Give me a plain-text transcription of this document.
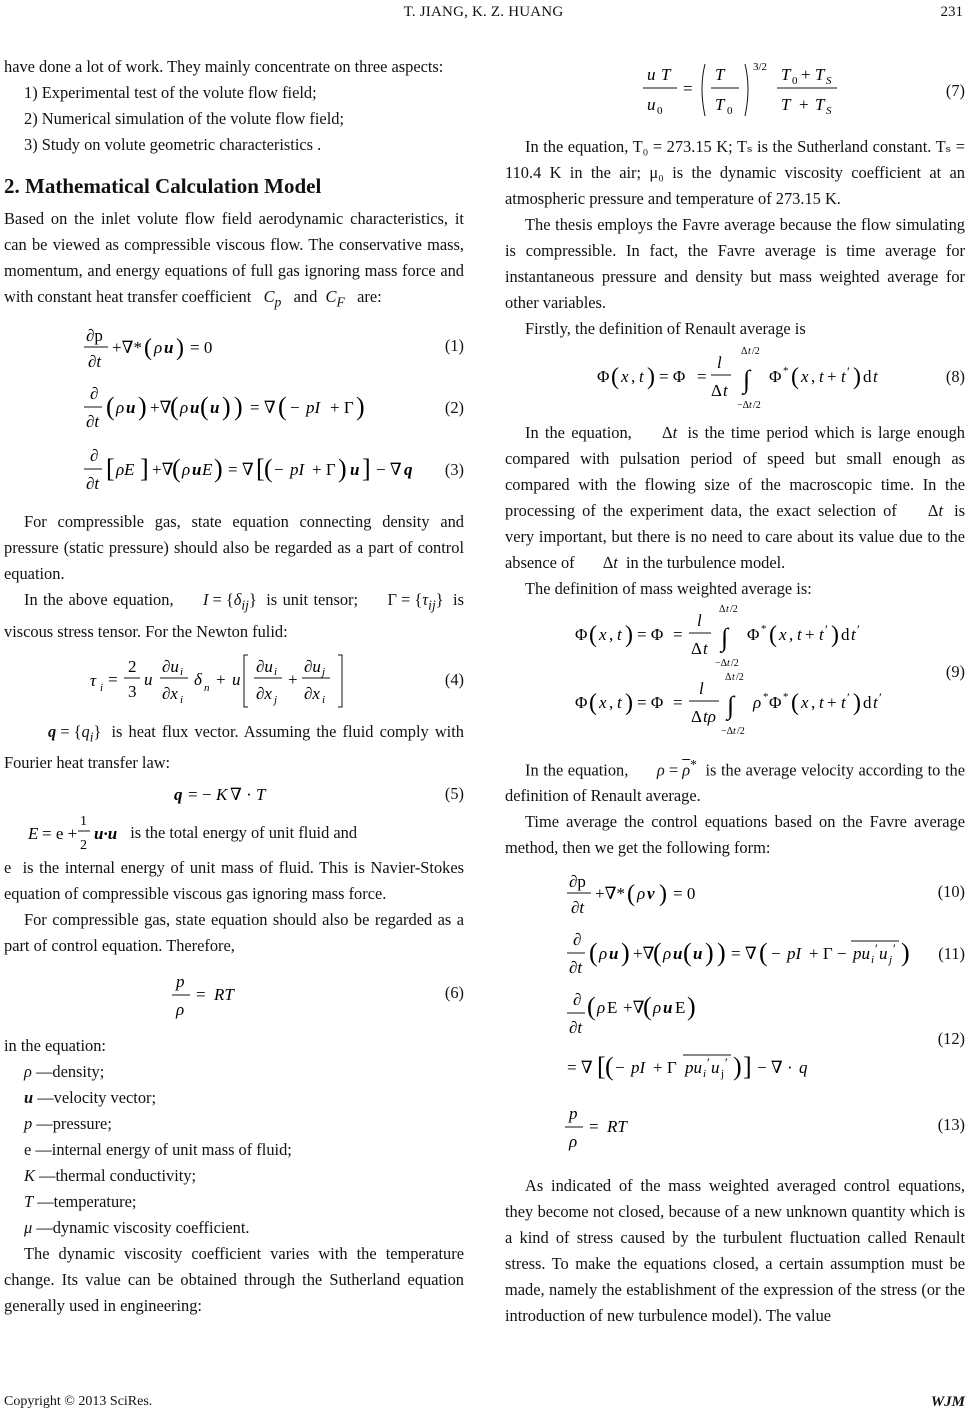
T. JIANG, K. Z. HUANG	231

have done a lot of work. They mainly concentrate on three aspects:

1) Experimental test of the volute flow field;

2) Numerical simulation of the volute flow field;

3) Study on volute geometric characteristics .

2. Mathematical Calculation Model

Based on the inlet volute flow field aerodynamic characteristics, it can be viewed as compressible viscous flow. The conservative mass, momentum, and energy equations of full gas ignoring mass force and with constant heat transfer coefficient $C_p$ and $C_F$ are:

∂p
∂t
+∇* ( ρ u ) = 0	(1)
∂
∂t
( ρ u ) +∇
( ρ u ( u ) ) = ∇ ( − pI + Γ )	(2)
∂
∂t
[ ρE ] +∇
( ρ u E ) = ∇ [ ( − pI + Γ ) u ] − ∇ q (3)

For compressible gas, state equation connecting density and pressure (static pressure) should also be regarded as a part of control equation.

In the above equation, $I = \{\delta_{ij}\}$ is unit tensor; $\Gamma = \{\tau_{ij}\}$ is viscous stress tensor. For the Newton fulid:

τ i =
2
3
u
∂u i
∂x i
δ n + u
∂u i
∂x j
+
∂u j
∂x i
(4)

$q = \{q_i\}$ is heat flux vector. Assuming the fluid comply with Fourier heat transfer law:

q = − K ∇ · T	(5)

E = e +
1
2
u·u is the total energy of unit fluid and

e  is the internal energy of unit mass of fluid. This is Navier-Stokes equation of compressible viscous gas ignoring mass force.

For compressible gas, state equation should also be regarded as a part of control equation. Therefore,

p
ρ
= RT	(6)

in the equation:

ρ —density;

u —velocity vector;

p —pressure;

e —internal energy of unit mass of fluid;

K —thermal conductivity;

T —temperature;

μ —dynamic viscosity coefficient.

The dynamic viscosity coefficient varies with the temperature change. Its value can be obtained through the Sutherland equation generally used in engineering:

u T
u 0
=
T
T 0
3/2 T 0 + T S
T + T S
(7)

In the equation, T₀ = 273.15 K; Tₛ is the Sutherland constant. Tₛ = 110.4 K in the air; μ₀ is the dynamic viscosity coefficient at an atmospheric pressure and temperature of 273.15 K.

The thesis employs the Favre average because the flow simulating is compressible. In fact, the Favre average is time average for instantaneous pressure and density but mass weighted average for other variables.

Firstly, the definition of Renault average is

Φ ( x , t ) = Φ =
l
Δ t
Δ t /2
∫
−Δ t /2
Φ * ( x , t + t ′ ) d t	(8)

In the equation, Δt is the time period which is large enough compared with pulsation period of speed but small enough as compared with the flowing size of the macroscopic time. In the processing of the experiment data, the exact selection of Δt is very important, but there is no need to care about its value due to the absence of Δt in the turbulence model.

The definition of mass weighted average is:

Φ ( x , t ) = Φ =
l
Δ t
Δ t /2
∫
−Δ t /2
Φ * ( x , t + t ′ ) d t ′
Φ ( x , t ) = Φ =
l
Δ tρ
Δ t /2
∫
−Δ t /2
ρ * Φ * ( x , t + t ′ ) d t ′
(9)

In the equation, $\rho = \overline{\rho}^*$ is the average velocity according to the definition of Renault average.

Time average the control equations based on the Favre average method, then we get the following form:

∂p
∂t
+∇* ( ρ v ) = 0	(10)
∂
∂t
( ρ u ) +∇
( ρ u ( u ) ) = ∇ ( − pI + Γ − pu i
′ u j
′ ) (11)
∂
∂t
( ρ E +∇
( ρ u E )
= ∇ [ ( − pI + Γ pu i
′ u j
′ ) ] − ∇ · q
(12)
p
ρ
= RT	(13)

As indicated of the mass weighted averaged control equations, they become not closed, because of a new unknown quantity which is a kind of stress caused by the turbulent fluctuation called Renault stress. To make the equations closed, a certain assumption must be made, namely the establishment of the expression of the stress (or the introduction of new turbulence model). The value

Copyright © 2013 SciRes.	WJM
